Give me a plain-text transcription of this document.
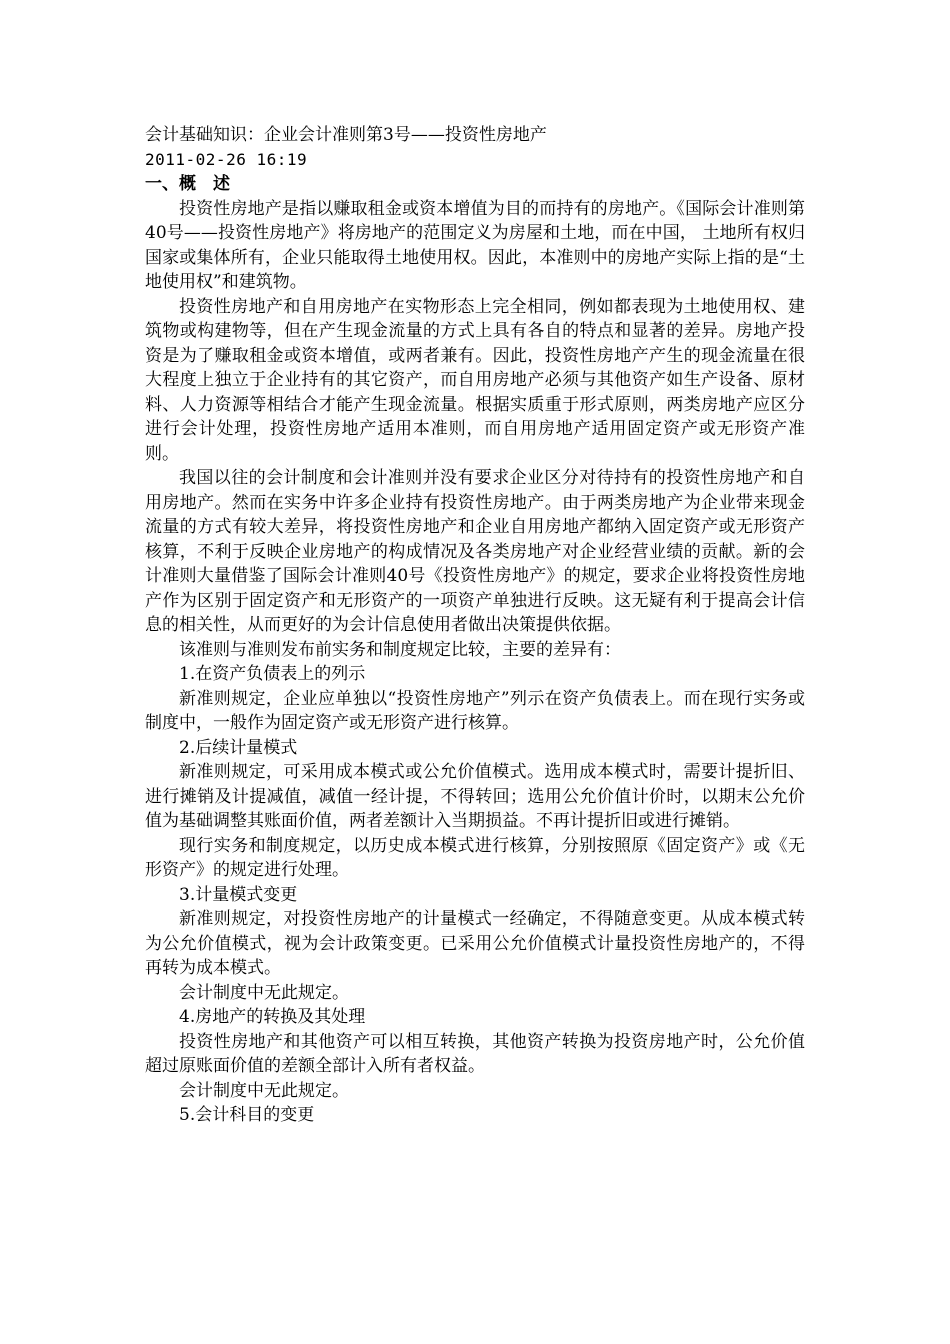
会计基础知识：企业会计准则第3号——投资性房地产

2011-02-26 16:19

一、概　述

投资性房地产是指以赚取租金或资本增值为目的而持有的房地产。《国际会计准则第40号——投资性房地产》将房地产的范围定义为房屋和土地，而在中国， 土地所有权归国家或集体所有，企业只能取得土地使用权。因此，本准则中的房地产实际上指的是“土地使用权”和建筑物。

投资性房地产和自用房地产在实物形态上完全相同，例如都表现为土地使用权、建筑物或构建物等，但在产生现金流量的方式上具有各自的特点和显著的差异。房地产投资是为了赚取租金或资本增值，或两者兼有。因此，投资性房地产产生的现金流量在很大程度上独立于企业持有的其它资产，而自用房地产必须与其他资产如生产设备、原材料、人力资源等相结合才能产生现金流量。根据实质重于形式原则，两类房地产应区分进行会计处理，投资性房地产适用本准则，而自用房地产适用固定资产或无形资产准则。

我国以往的会计制度和会计准则并没有要求企业区分对待持有的投资性房地产和自用房地产。然而在实务中许多企业持有投资性房地产。由于两类房地产为企业带来现金流量的方式有较大差异，将投资性房地产和企业自用房地产都纳入固定资产或无形资产核算，不利于反映企业房地产的构成情况及各类房地产对企业经营业绩的贡献。新的会计准则大量借鉴了国际会计准则40号《投资性房地产》的规定，要求企业将投资性房地产作为区别于固定资产和无形资产的一项资产单独进行反映。这无疑有利于提高会计信息的相关性，从而更好的为会计信息使用者做出决策提供依据。

该准则与准则发布前实务和制度规定比较，主要的差异有：

1.在资产负债表上的列示

新准则规定，企业应单独以“投资性房地产”列示在资产负债表上。而在现行实务或制度中，一般作为固定资产或无形资产进行核算。

2.后续计量模式

新准则规定，可采用成本模式或公允价值模式。选用成本模式时，需要计提折旧、进行摊销及计提减值，减值一经计提，不得转回；选用公允价值计价时，以期末公允价值为基础调整其账面价值，两者差额计入当期损益。不再计提折旧或进行摊销。

现行实务和制度规定，以历史成本模式进行核算，分别按照原《固定资产》或《无形资产》的规定进行处理。

3.计量模式变更

新准则规定，对投资性房地产的计量模式一经确定，不得随意变更。从成本模式转为公允价值模式，视为会计政策变更。已采用公允价值模式计量投资性房地产的，不得再转为成本模式。

会计制度中无此规定。

4.房地产的转换及其处理

投资性房地产和其他资产可以相互转换，其他资产转换为投资房地产时，公允价值超过原账面价值的差额全部计入所有者权益。

会计制度中无此规定。

5.会计科目的变更
